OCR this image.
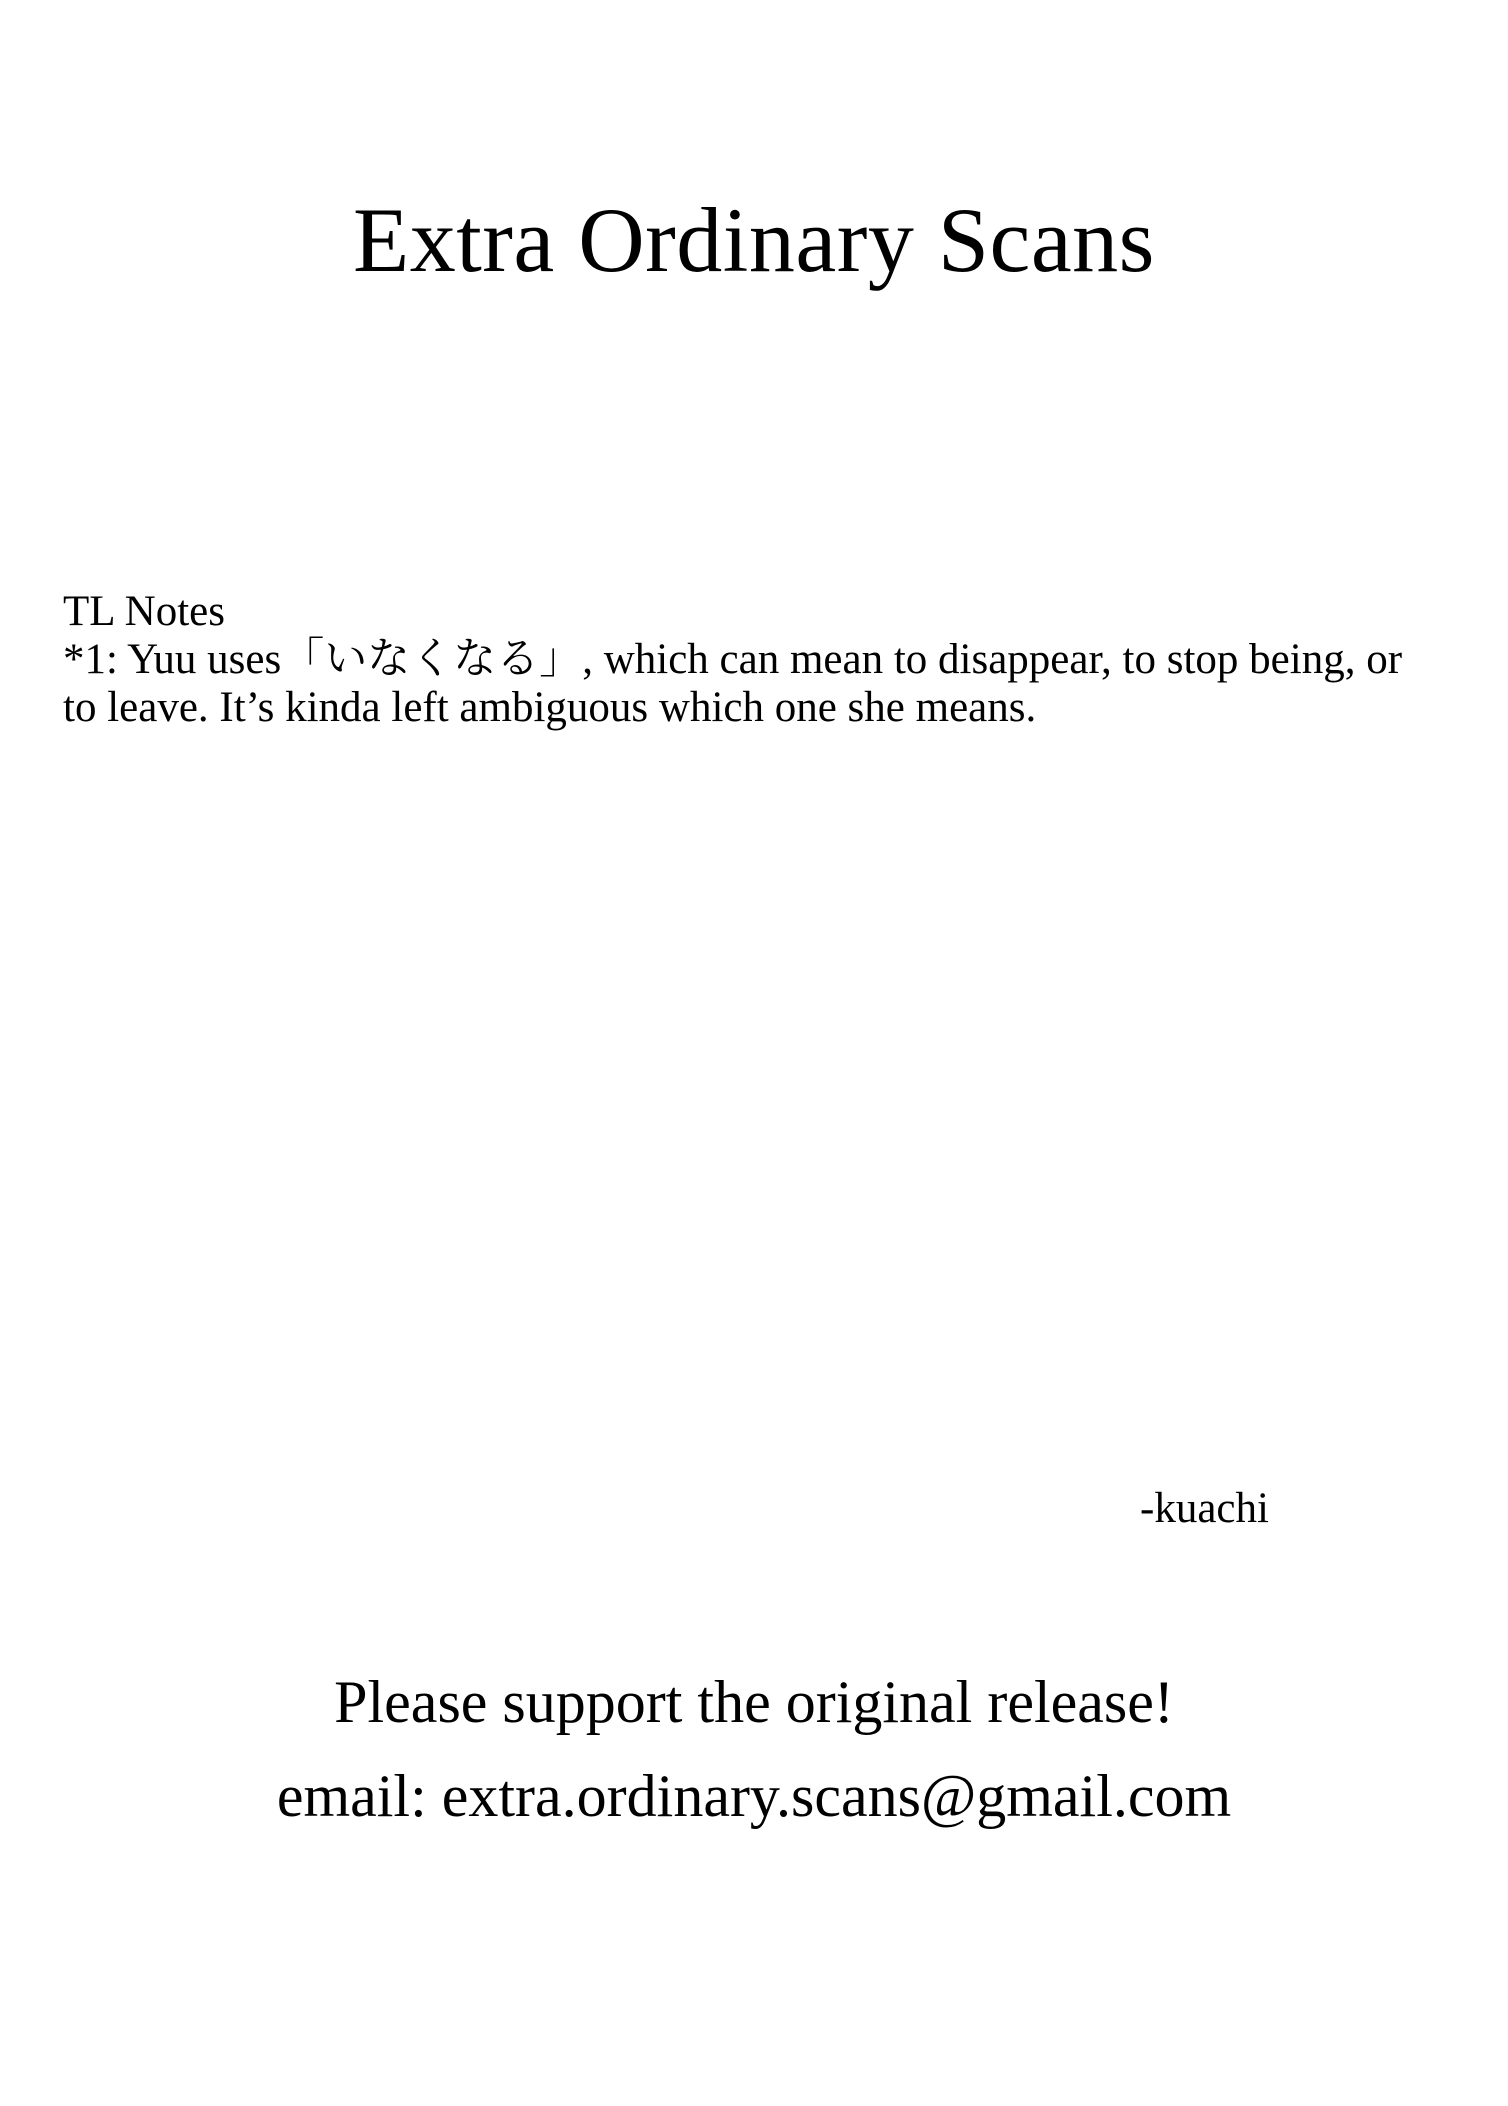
Extra Ordinary Scans
TL Notes
*1: Yuu uses「いなくなる」, which can mean to disappear, to stop being, or
to leave. It’s kinda left ambiguous which one she means.
-kuachi
Please support the original release!
email: extra.ordinary.scans@gmail.com
